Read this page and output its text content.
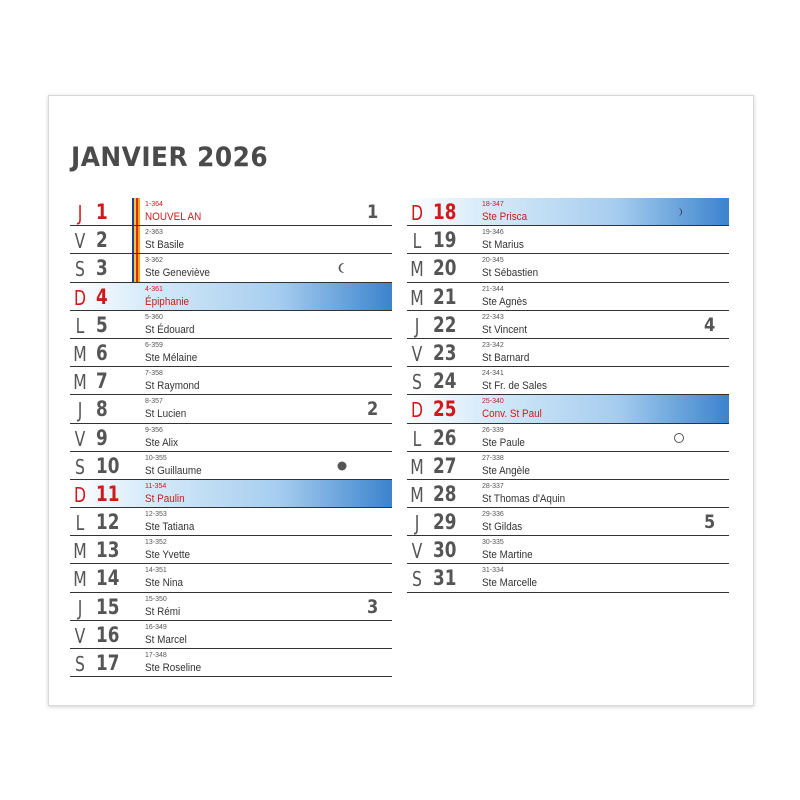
JANVIER 2026
J 1	1-364
NOUVEL AN	1
V 2	2-363
St Basile
S 3	3-362
Ste Geneviève
D 4	4-361
Épiphanie
L 5	5-360
St Édouard
M 6	6-359
Ste Mélaine
M 7	7-358
St Raymond
J 8	8-357
St Lucien	2
V 9	9-356
Ste Alix
S 10	10-355
St Guillaume
D 11	11-354
St Paulin
L 12	12-353
Ste Tatiana
M 13	13-352
Ste Yvette
M 14	14-351
Ste Nina
J 15	15-350
St Rémi	3
V 16	16-349
St Marcel
S 17	17-348
Ste Roseline
D 18	18-347
Ste Prisca
L 19	19-346
St Marius
M 20	20-345
St Sébastien
M 21	21-344
Ste Agnès
J 22	22-343
St Vincent	4
V 23	23-342
St Barnard
S 24	24-341
St Fr. de Sales
D 25	25-340
Conv. St Paul
L 26	26-339
Ste Paule
M 27	27-338
Ste Angèle
M 28	28-337
St Thomas d'Aquin
J 29	29-336
St Gildas	5
V 30	30-335
Ste Martine
S 31	31-334
Ste Marcelle
